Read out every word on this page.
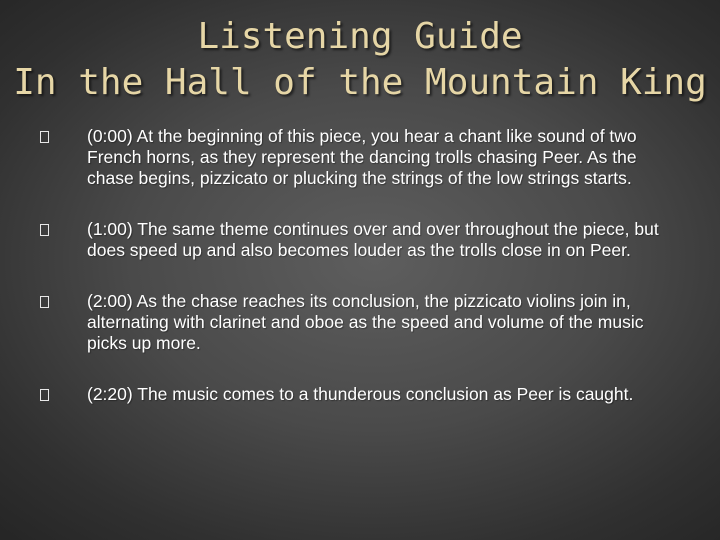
Listening Guide
In the Hall of the Mountain King
(0:00) At the beginning of this piece, you hear a chant like sound of two French horns, as they represent the dancing trolls chasing Peer. As the chase begins, pizzicato or plucking the strings of the low strings starts.
(1:00) The same theme continues over and over throughout the piece, but does speed up and also becomes louder as the trolls close in on Peer.
(2:00) As the chase reaches its conclusion, the pizzicato violins join in, alternating with clarinet and oboe as the speed and volume of the music picks up more.
(2:20) The music comes to a thunderous conclusion as Peer is caught.
